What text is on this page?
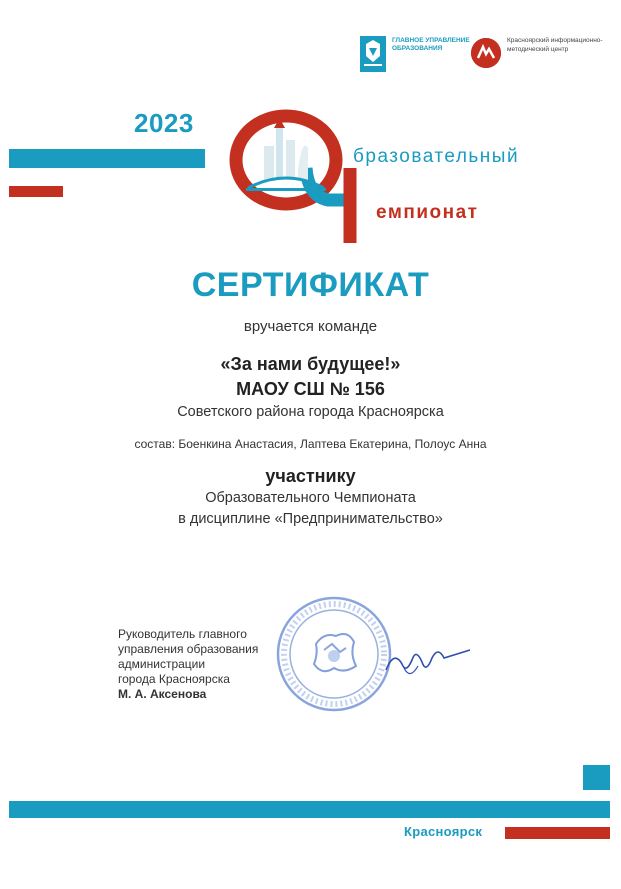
ГЛАВНОЕ УПРАВЛЕНИЕ ОБРАЗОВАНИЯ
Красноярский информационно-методический центр
2023
бразовательный
емпионат
СЕРТИФИКАТ
вручается команде
«За нами будущее!»
МАОУ СШ № 156
Советского района города Красноярска
состав: Боенкина Анастасия, Лаптева Екатерина, Полоус Анна
участнику
Образовательного Чемпионата
в дисциплине «Предпринимательство»
Руководитель главного
управления образования
администрации
города Красноярска
М. А. Аксенова
Красноярск
